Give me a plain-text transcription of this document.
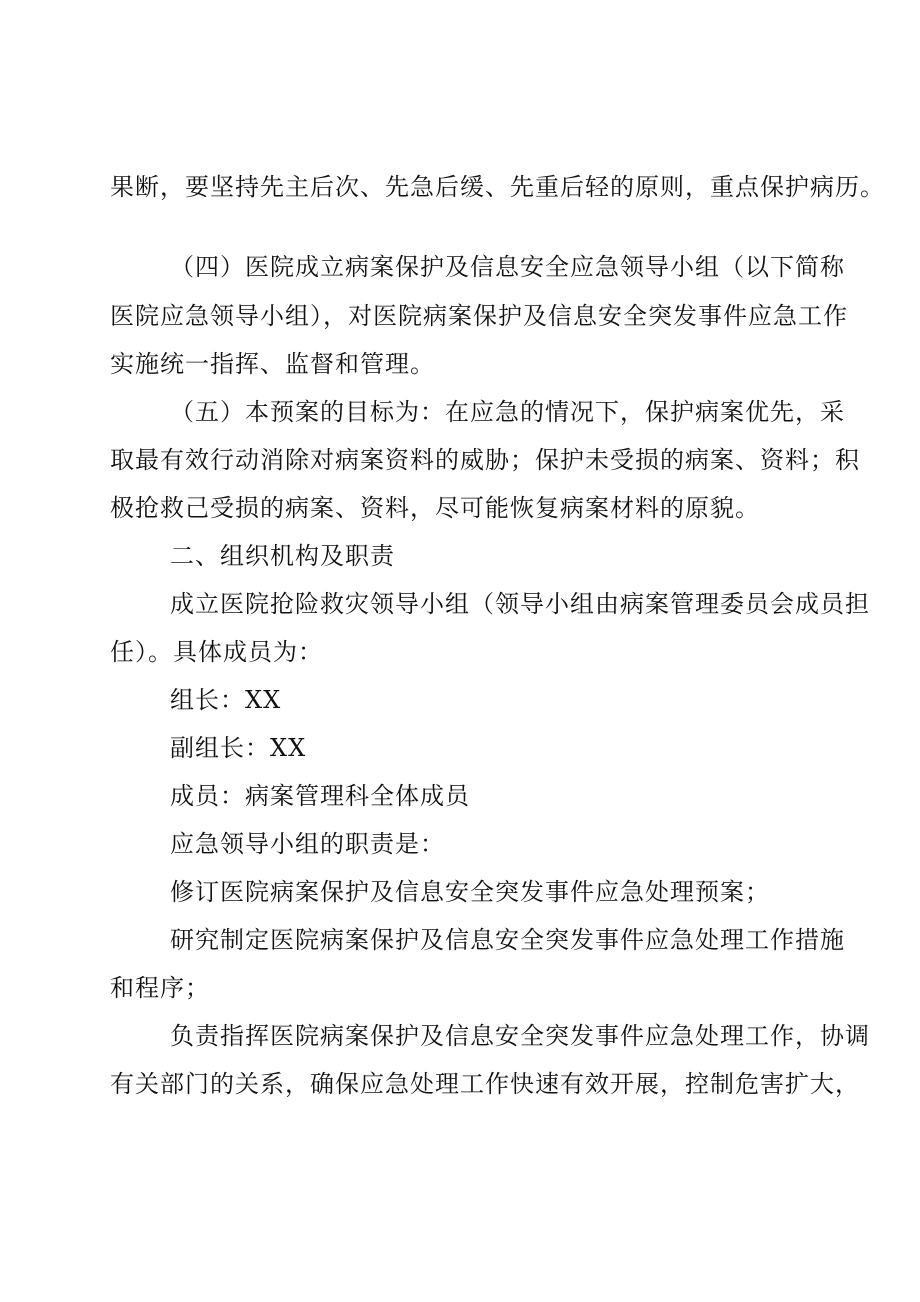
果断，要坚持先主后次、先急后缓、先重后轻的原则，重点保护病历。
（四）医院成立病案保护及信息安全应急领导小组（以下简称
医院应急领导小组），对医院病案保护及信息安全突发事件应急工作
实施统一指挥、监督和管理。
（五）本预案的目标为：在应急的情况下，保护病案优先，采
取最有效行动消除对病案资料的威胁；保护未受损的病案、资料；积
极抢救己受损的病案、资料，尽可能恢复病案材料的原貌。
二、组织机构及职责
成立医院抢险救灾领导小组（领导小组由病案管理委员会成员担
任）。具体成员为：
组长：XX
副组长：XX
成员：病案管理科全体成员
应急领导小组的职责是：
修订医院病案保护及信息安全突发事件应急处理预案；
研究制定医院病案保护及信息安全突发事件应急处理工作措施
和程序；
负责指挥医院病案保护及信息安全突发事件应急处理工作，协调
有关部门的关系，确保应急处理工作快速有效开展，控制危害扩大，
